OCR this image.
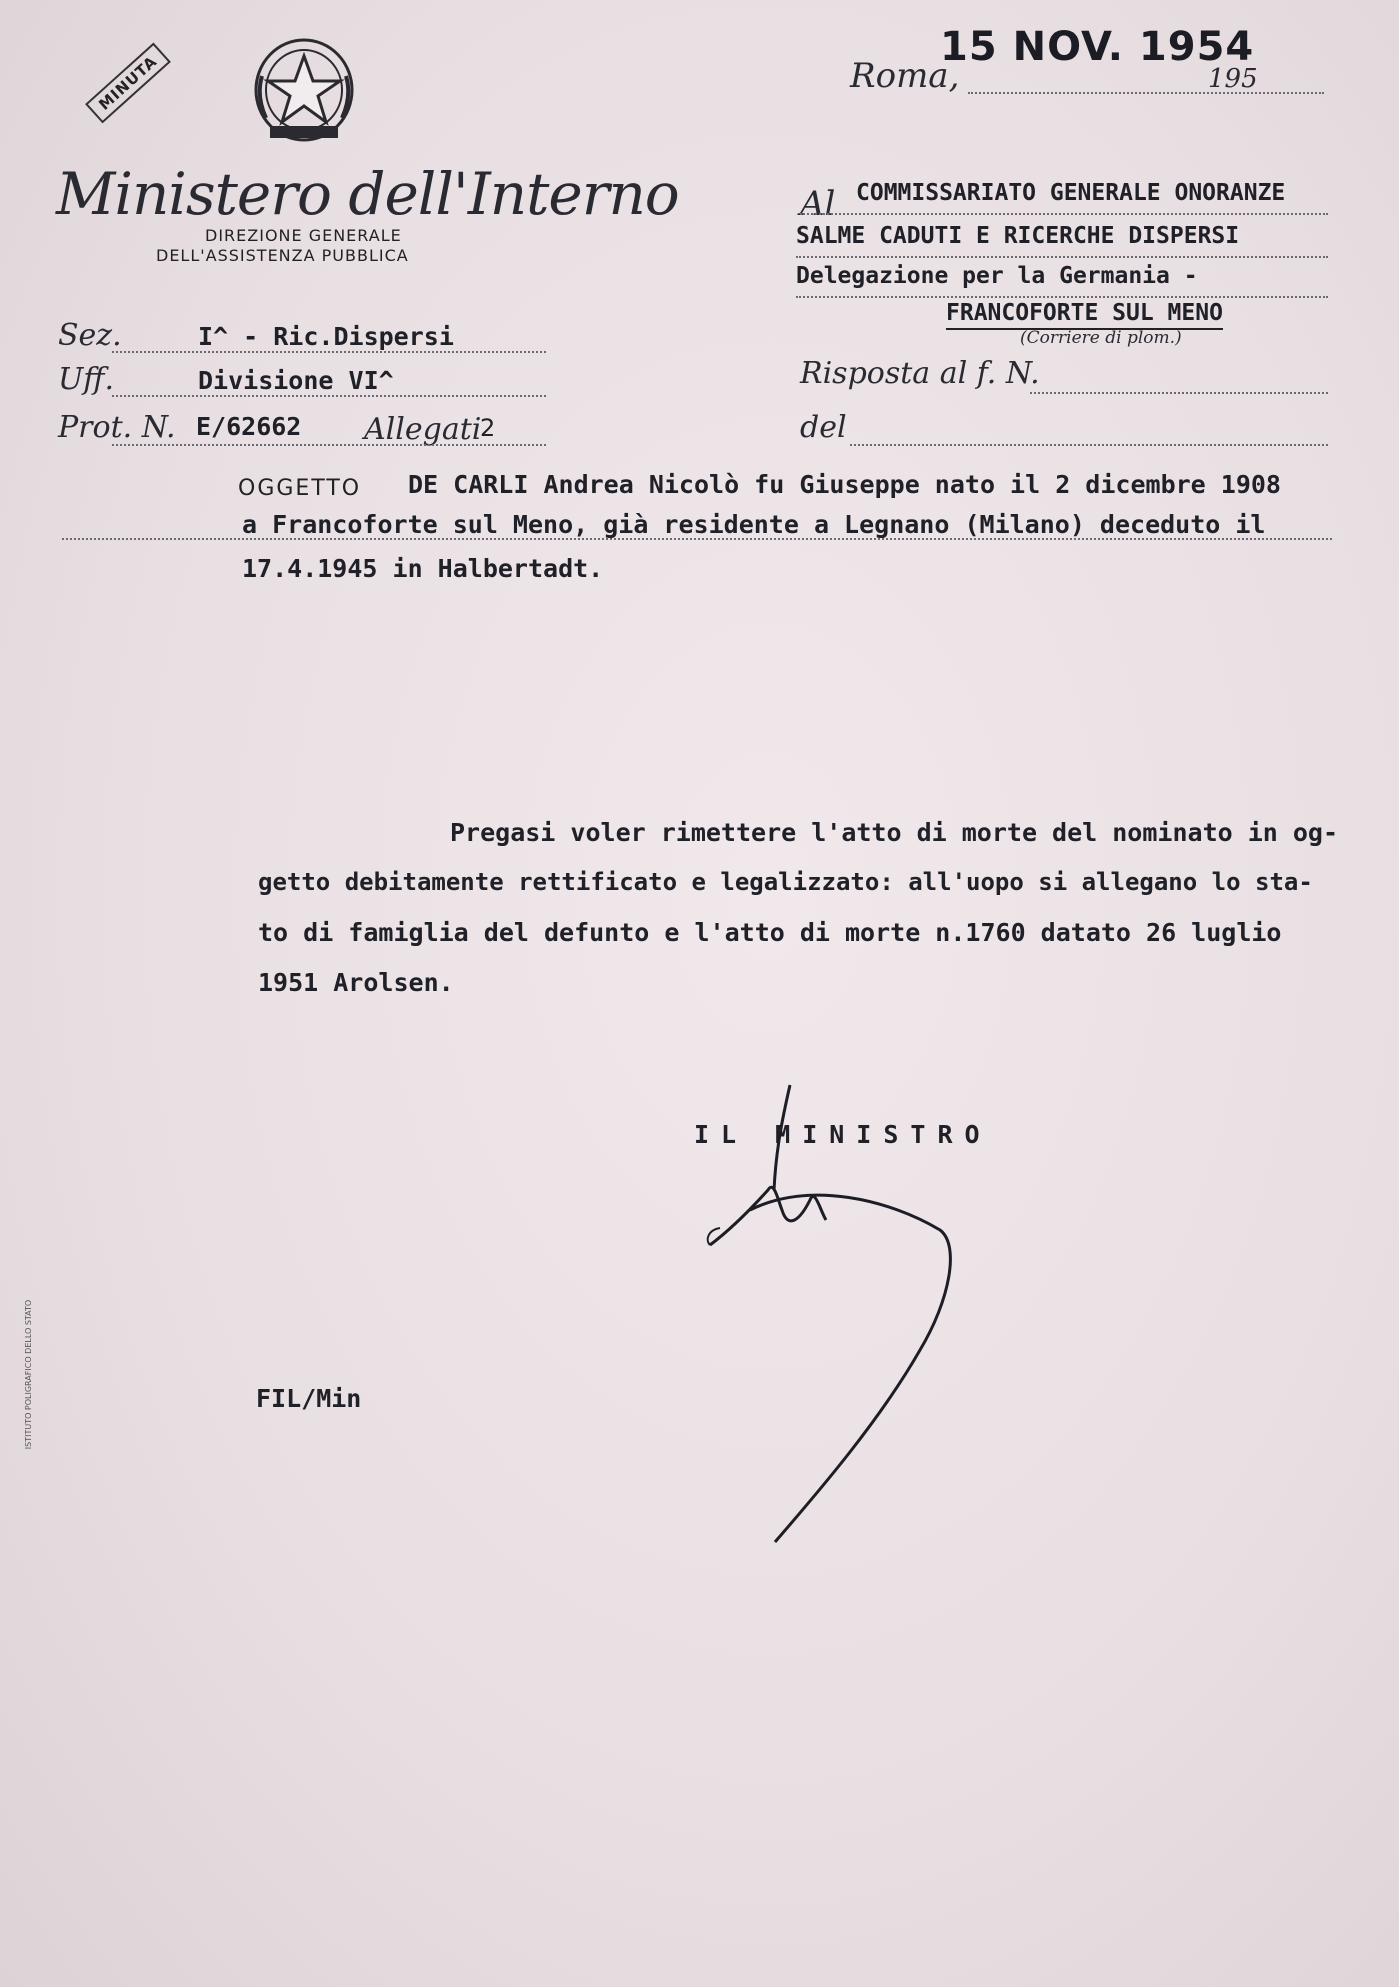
MINUTA
Ministero dell'Interno
DIREZIONE GENERALE
DELL'ASSISTENZA PUBBLICA
Roma,
15 NOV. 1954
195
Al COMMISSARIATO GENERALE ONORANZE
SALME CADUTI E RICERCHE DISPERSI
Delegazione per la Germania -
FRANCOFORTE SUL MENO
(Corriere di plom.)
Sez.	I^ - Ric.Dispersi
Uff.	Divisione VI^
Prot. N. E/62662 Allegati
2
Risposta al f. N.
del
OGGETTO DE CARLI Andrea Nicolò fu Giuseppe nato il 2 dicembre 1908
a Francoforte sul Meno, già residente a Legnano (Milano) deceduto il
17.4.1945 in Halbertadt.
Pregasi voler rimettere l'atto di morte del nominato in og-
getto debitamente rettificato e legalizzato: all'uopo si allegano lo sta-
to di famiglia del defunto e l'atto di morte n.1760 datato 26 luglio
1951 Arolsen.
IL MINISTRO
FIL/Min
ISTITUTO POLIGRAFICO DELLO STATO
